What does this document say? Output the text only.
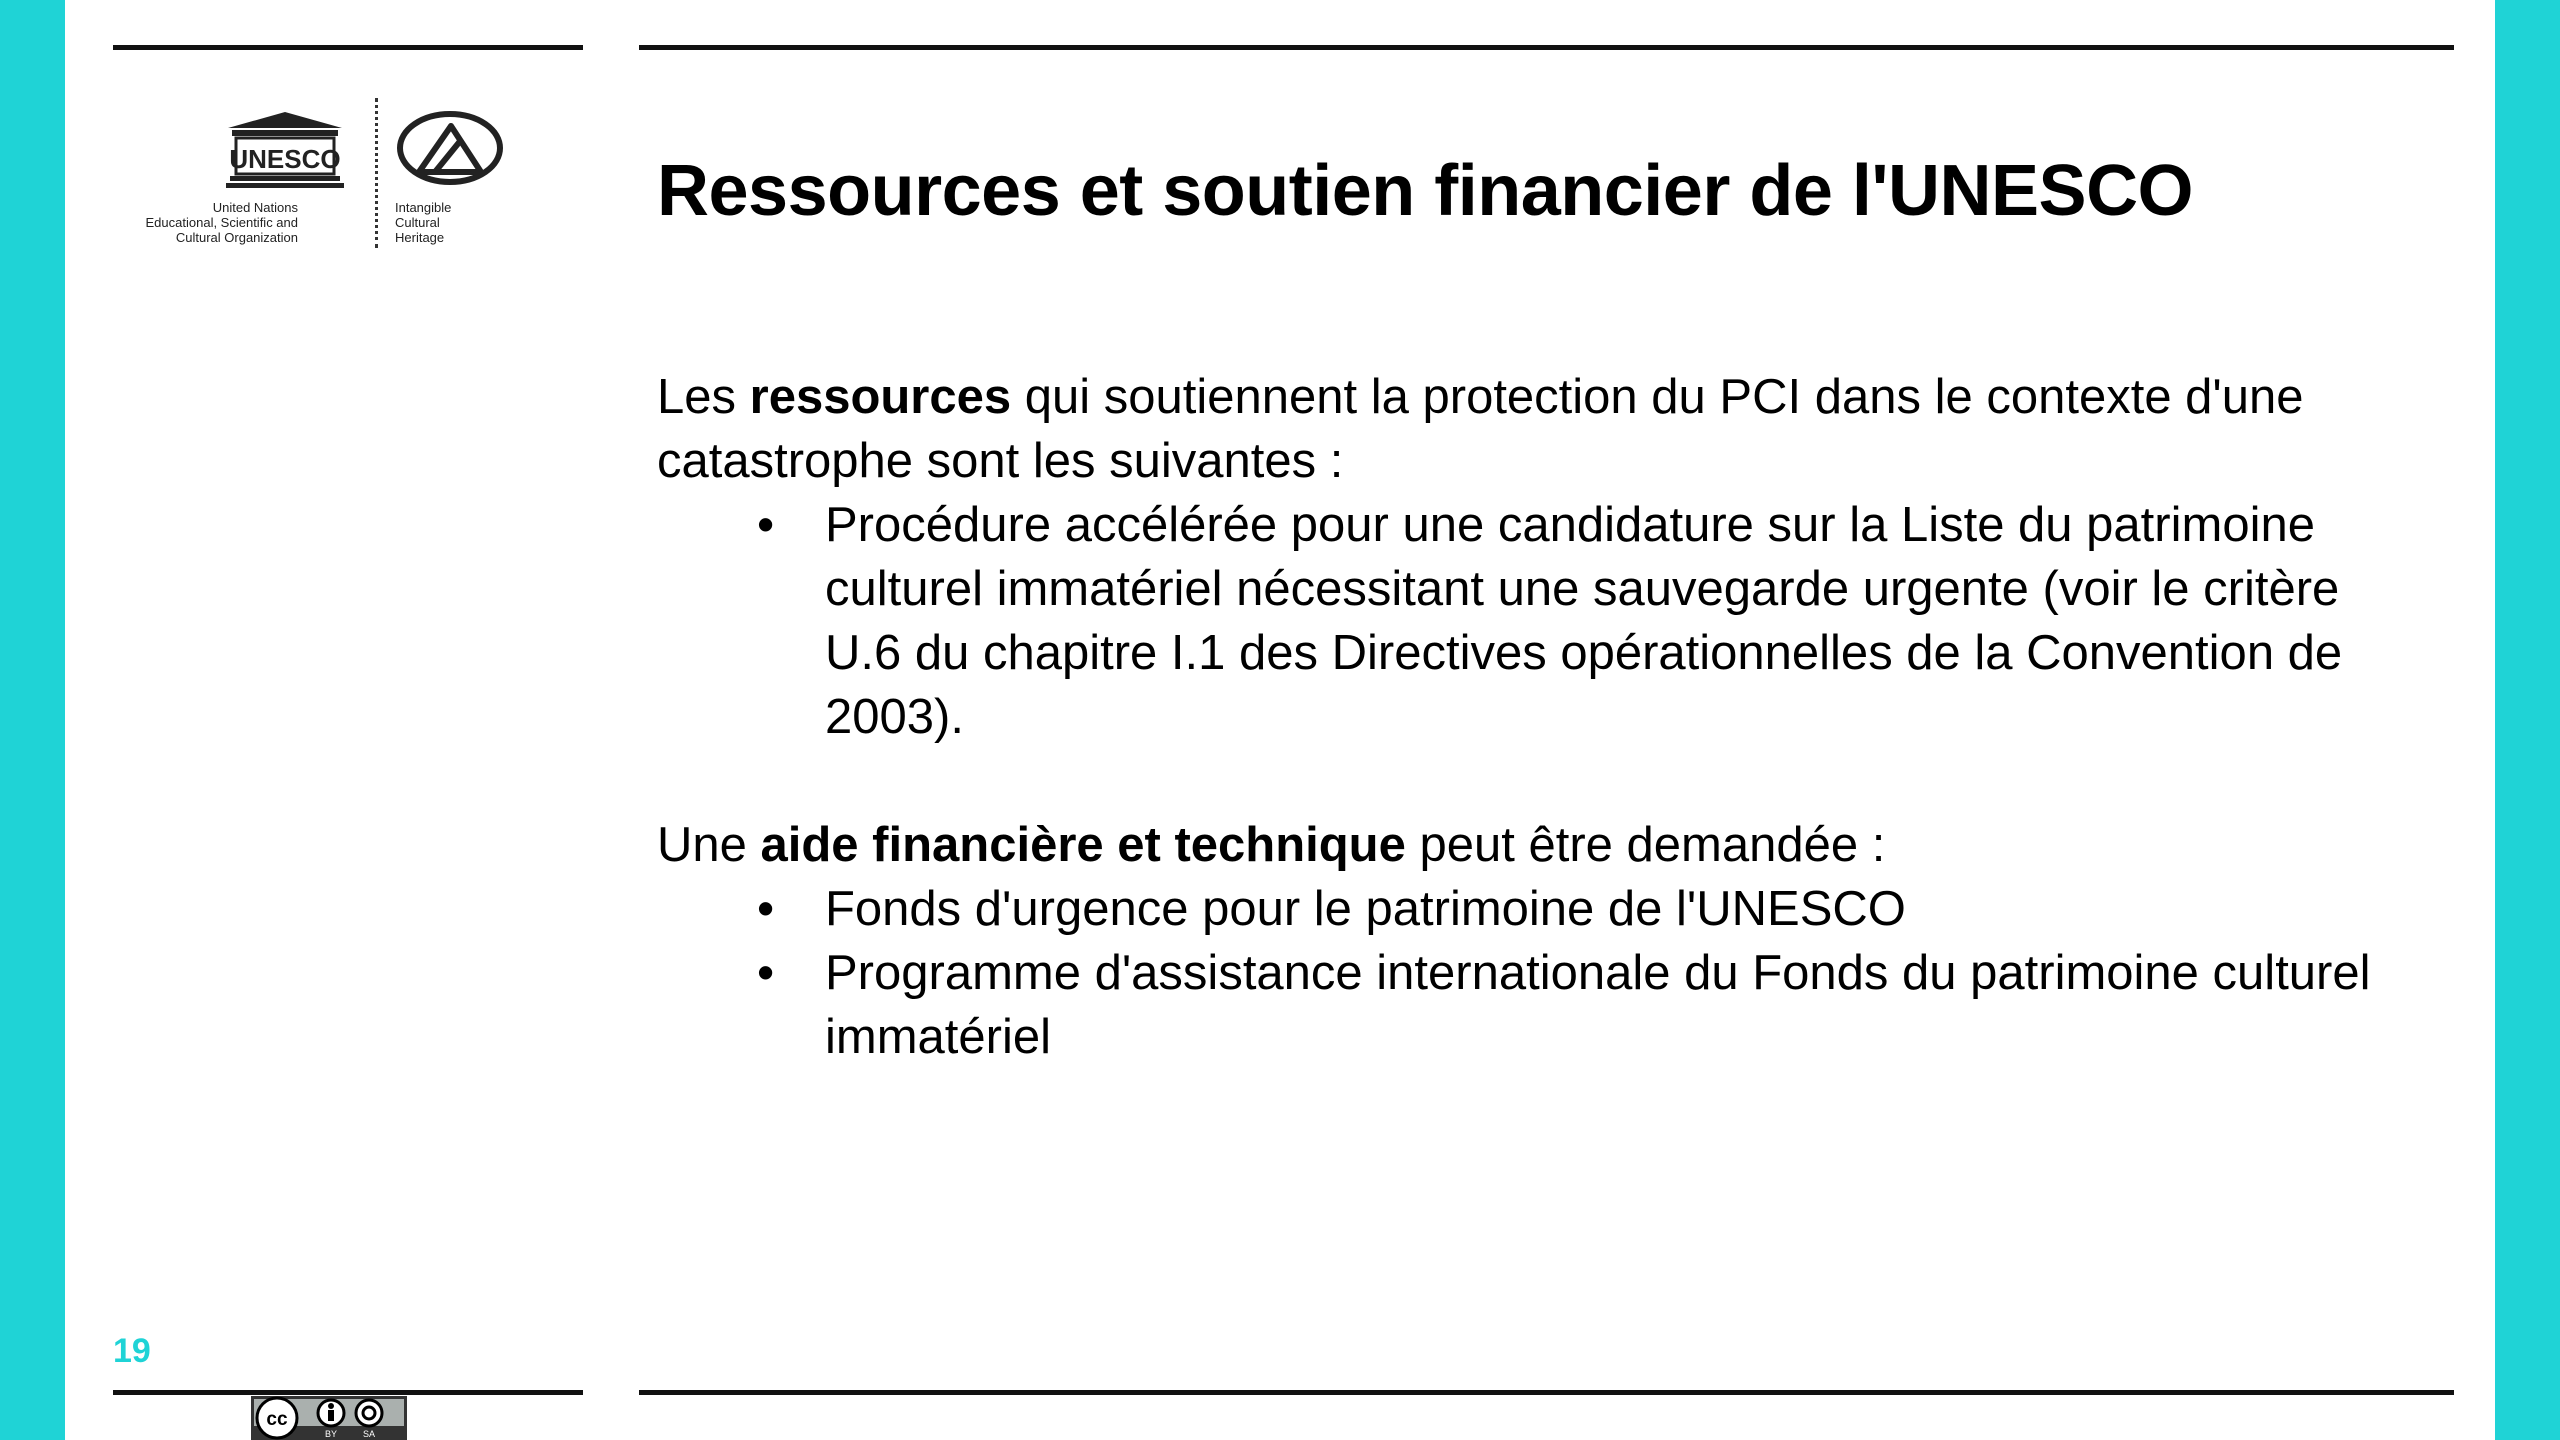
UNESCO
United Nations
Educational, Scientific and
Cultural Organization
Intangible
Cultural
Heritage
Ressources et soutien financier de l'UNESCO

Les ressources qui soutiennent la protection du PCI dans le contexte d'une catastrophe sont les suivantes :

• Procédure accélérée pour une candidature sur la Liste du patrimoine culturel immatériel nécessitant une sauvegarde urgente (voir le critère U.6 du chapitre I.1 des Directives opérationnelles de la Convention de 2003).

Une aide financière et technique peut être demandée :

• Fonds d'urgence pour le patrimoine de l'UNESCO
• Programme d'assistance internationale du Fonds du patrimoine culturel immatériel
19
cc
BY	SA
